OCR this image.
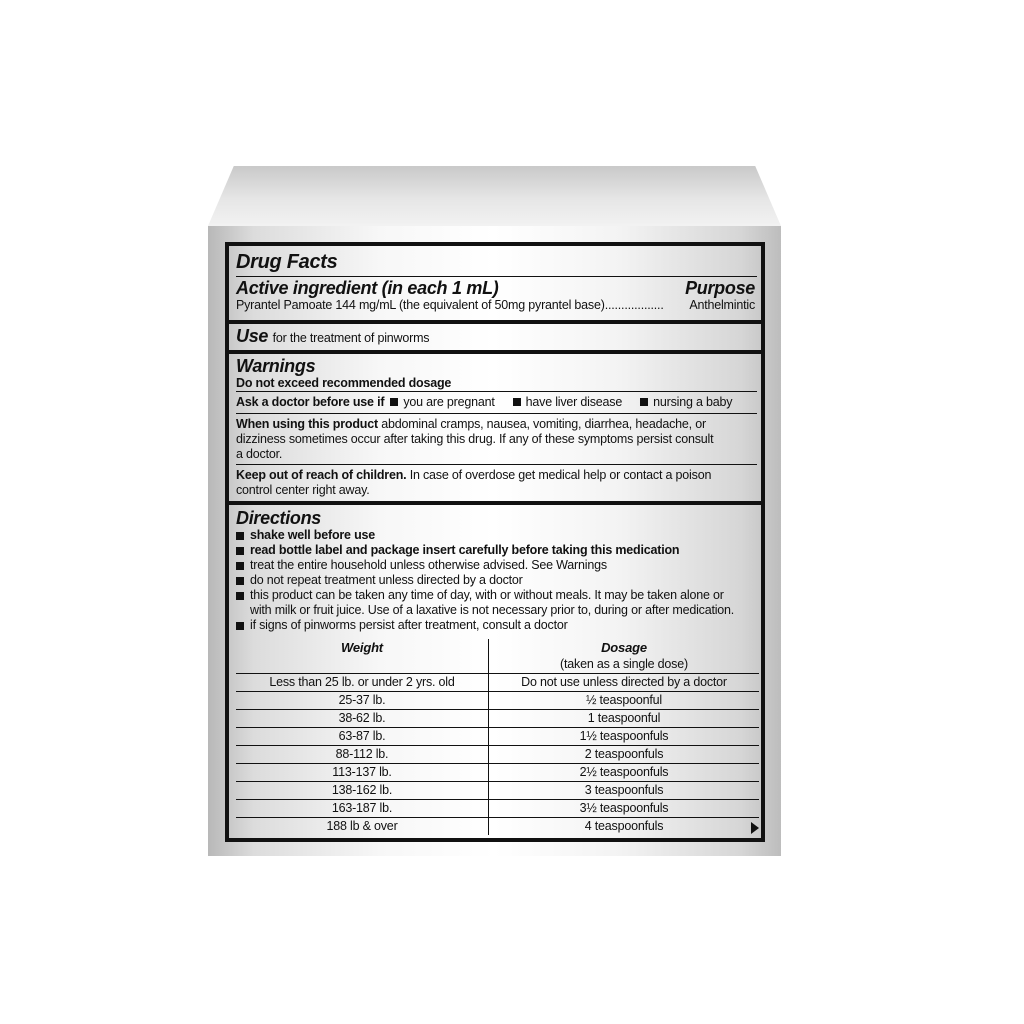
Drug Facts
Active ingredient (in each 1 mL)	Purpose
Pyrantel Pamoate 144 mg/mL (the equivalent of 50mg pyrantel base).................. Anthelmintic
Use for the treatment of pinworms
Warnings
Do not exceed recommended dosage
Ask a doctor before use if you are pregnant have liver disease nursing a baby
When using this product abdominal cramps, nausea, vomiting, diarrhea, headache, or
dizziness sometimes occur after taking this drug. If any of these symptoms persist consult
a doctor.
Keep out of reach of children. In case of overdose get medical help or contact a poison
control center right away.
Directions
shake well before use
read bottle label and package insert carefully before taking this medication
treat the entire household unless otherwise advised. See Warnings
do not repeat treatment unless directed by a doctor
this product can be taken any time of day, with or without meals. It may be taken alone or
with milk or fruit juice. Use of a laxative is not necessary prior to, during or after medication.
if signs of pinworms persist after treatment, consult a doctor
Weight	Dosage
(taken as a single dose)

Less than 25 lb. or under 2 yrs. old	Do not use unless directed by a doctor
25-37 lb.	½ teaspoonful
38-62 lb.	1 teaspoonful
63-87 lb.	1½ teaspoonfuls
88-112 lb.	2 teaspoonfuls
113-137 lb.	2½ teaspoonfuls
138-162 lb.	3 teaspoonfuls
163-187 lb.	3½ teaspoonfuls
188 lb & over	4 teaspoonfuls
